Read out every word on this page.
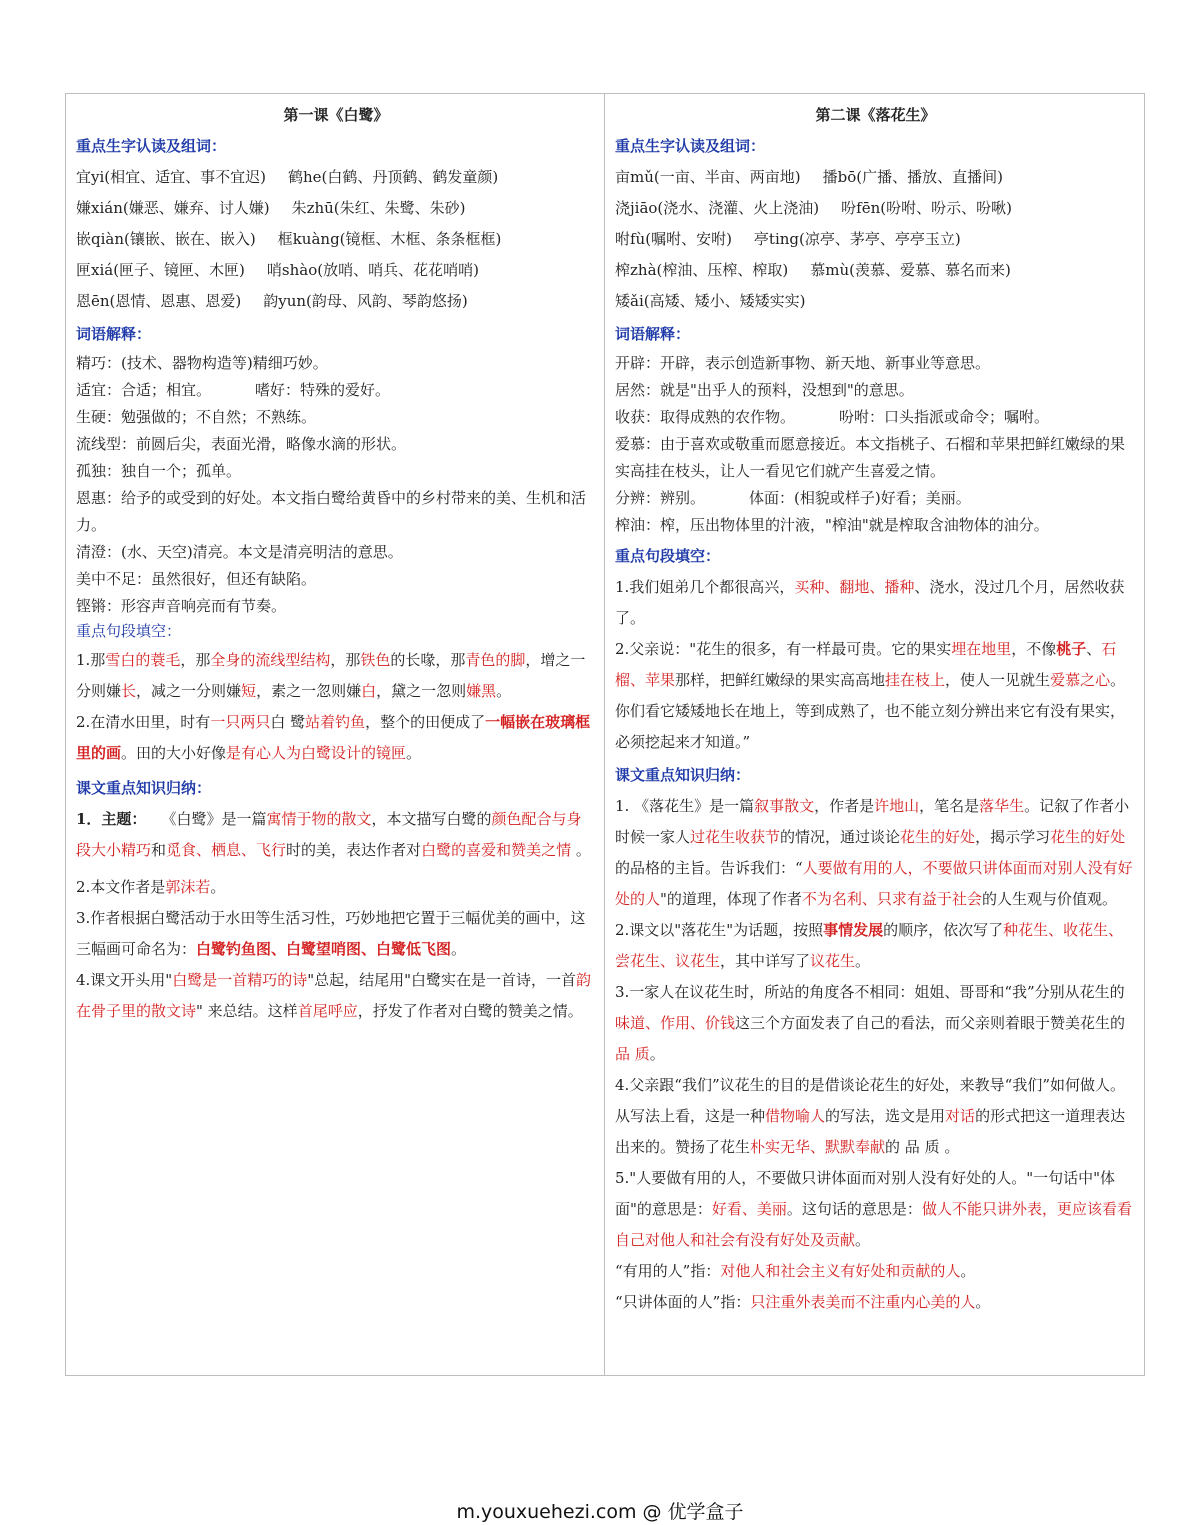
第一课《白鹭》
重点生字认读及组词：
宜yi(相宜、适宜、事不宜迟) 鹤he(白鹤、丹顶鹤、鹤发童颜)
嫌xián(嫌恶、嫌弃、讨人嫌) 朱zhū(朱红、朱鹭、朱砂)
嵌qiàn(镶嵌、嵌在、嵌入) 框kuàng(镜框、木框、条条框框)
匣xiá(匣子、镜匣、木匣) 哨shào(放哨、哨兵、花花哨哨)
恩ēn(恩情、恩惠、恩爱) 韵yun(韵母、风韵、琴韵悠扬)
词语解释：
精巧：(技术、器物构造等)精细巧妙。
适宜：合适；相宜。	嗜好：特殊的爱好。
生硬：勉强做的；不自然；不熟练。
流线型：前圆后尖，表面光滑，略像水滴的形状。
孤独：独自一个；孤单。
恩惠：给予的或受到的好处。本文指白鹭给黄昏中的乡村带来的美、生机和活力。
清澄：(水、天空)清亮。本文是清亮明洁的意思。
美中不足：虽然很好，但还有缺陷。
铿锵：形容声音响亮而有节奏。
重点句段填空：

1.那雪白的蓑毛，那全身的流线型结构，那铁色的长喙，那青色的脚，增之一分则嫌长，减之一分则嫌短，素之一忽则嫌白，黛之一忽则嫌黑。

2.在清水田里，时有一只两只白 鹭站着钓鱼，整个的田便成了一幅嵌在玻璃框里的画。田的大小好像是有心人为白鹭设计的镜匣。

课文重点知识归纳：

1．主题：　　《白鹭》是一篇寓情于物的散文，本文描写白鹭的颜色配合与身段大小精巧和觅食、栖息、飞行时的美，表达作者对白鹭的喜爱和赞美之情 。

2.本文作者是郭沫若。

3.作者根据白鹭活动于水田等生活习性，巧妙地把它置于三幅优美的画中，这三幅画可命名为：白鹭钓鱼图、白鹭望哨图、白鹭低飞图。

4.课文开头用"白鹭是一首精巧的诗"总起，结尾用"白鹭实在是一首诗，一首韵在骨子里的散文诗" 来总结。这样首尾呼应，抒发了作者对白鹭的赞美之情。

第二课《落花生》
重点生字认读及组词：
亩mǔ(一亩、半亩、两亩地) 播bō(广播、播放、直播间)
浇jiāo(浇水、浇灌、火上浇油) 吩fēn(吩咐、吩示、吩啾)
咐fù(嘱咐、安咐) 亭ting(凉亭、茅亭、亭亭玉立)
榨zhà(榨油、压榨、榨取) 慕mù(羡慕、爱慕、慕名而来)
矮ǎi(高矮、矮小、矮矮实实)
词语解释：
开辟：开辟，表示创造新事物、新天地、新事业等意思。
居然：就是"出乎人的预料，没想到"的意思。
收获：取得成熟的农作物。	吩咐：口头指派或命令；嘱咐。
爱慕：由于喜欢或敬重而愿意接近。本文指桃子、石榴和苹果把鲜红嫩绿的果实高挂在枝头，让人一看见它们就产生喜爱之情。
分辨：辨别。	体面：(相貌或样子)好看；美丽。
榨油：榨，压出物体里的汁液，"榨油"就是榨取含油物体的油分。
重点句段填空：

1.我们姐弟几个都很高兴，买种、翻地、播种、浇水，没过几个月，居然收获了。

2.父亲说："花生的很多，有一样最可贵。它的果实埋在地里，不像桃子、石榴、苹果那样，把鲜红嫩绿的果实高高地挂在枝上，使人一见就生爱慕之心。你们看它矮矮地长在地上，等到成熟了，也不能立刻分辨出来它有没有果实，必须挖起来才知道。”

课文重点知识归纳：

1. 《落花生》是一篇叙事散文，作者是许地山，笔名是落华生。记叙了作者小时候一家人过花生收获节的情况，通过谈论花生的好处，揭示学习花生的好处的品格的主旨。告诉我们：“人要做有用的人，不要做只讲体面而对别人没有好处的人"的道理，体现了作者不为名利、只求有益于社会的人生观与价值观。

2.课文以"落花生"为话题，按照事情发展的顺序，依次写了种花生、收花生、尝花生、议花生，其中详写了议花生。

3.一家人在议花生时，所站的角度各不相同：姐姐、哥哥和“我”分别从花生的味道、作用、价钱这三个方面发表了自己的看法，而父亲则着眼于赞美花生的品 质。

4.父亲跟“我们”议花生的目的是借谈论花生的好处，来教导“我们”如何做人。从写法上看，这是一种借物喻人的写法，选文是用对话的形式把这一道理表达出来的。赞扬了花生朴实无华、默默奉献的 品 质 。

5."人要做有用的人，不要做只讲体面而对别人没有好处的人。"一句话中"体面"的意思是：好看、美丽。这句话的意思是：做人不能只讲外表，更应该看看自己对他人和社会有没有好处及贡献。

“有用的人”指：对他人和社会主义有好处和贡献的人。

“只讲体面的人”指：只注重外表美而不注重内心美的人。

m.youxuehezi.com @ 优学盒子
